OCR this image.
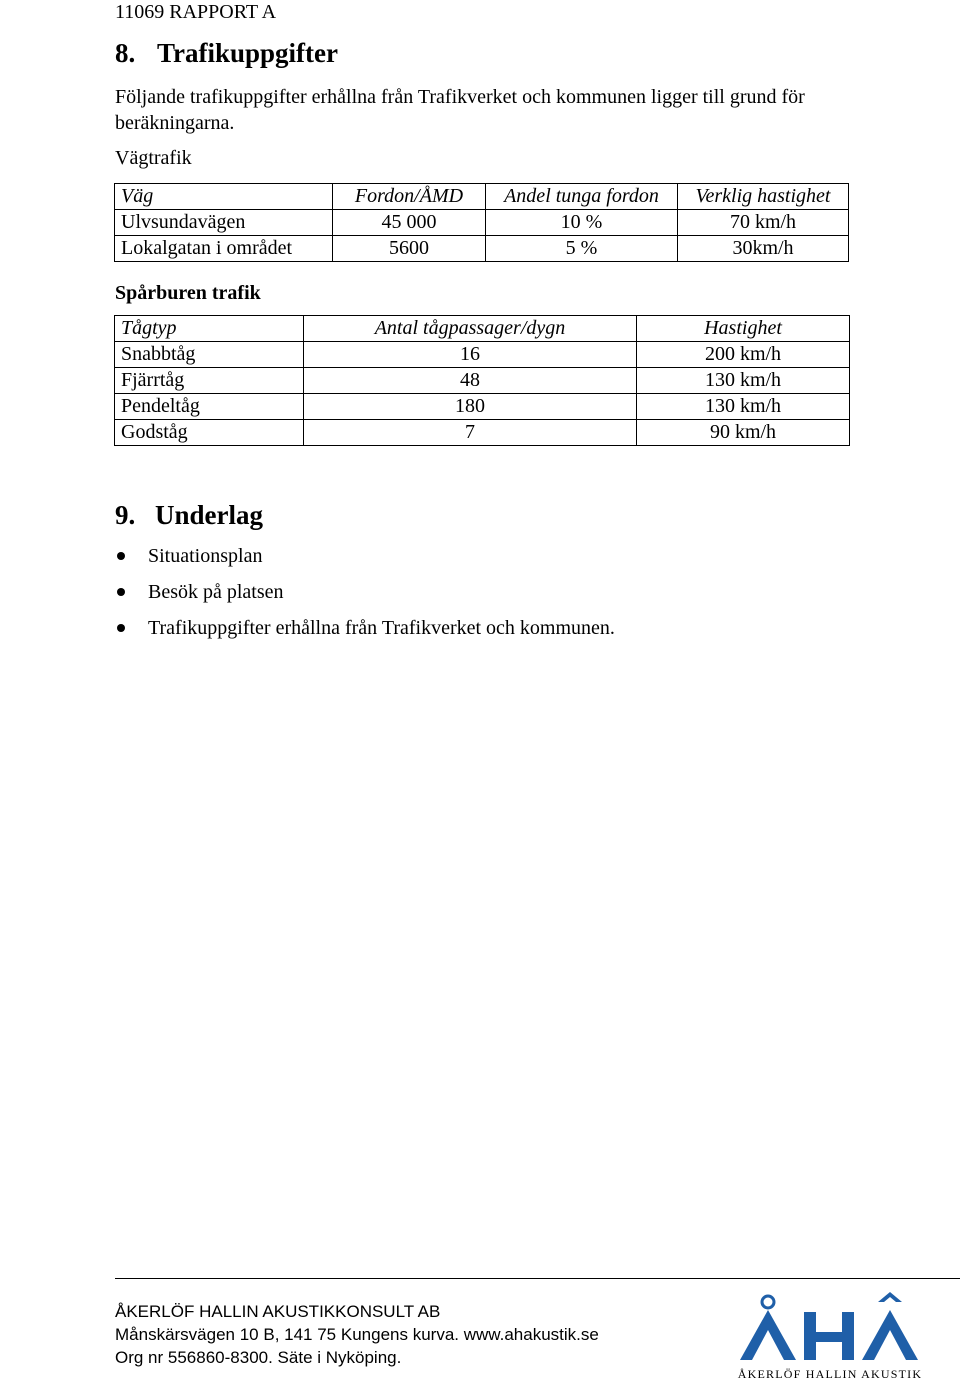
11069 RAPPORT A
8. Trafikuppgifter
Följande trafikuppgifter erhållna från Trafikverket och kommunen ligger till grund för beräkningarna.
Vägtrafik
Väg	Fordon/ÅMD	Andel tunga fordon	Verklig hastighet
Ulvsundavägen	45 000	10 %	70 km/h
Lokalgatan i området	5600	5 %	30km/h
Spårburen trafik
Tågtyp	Antal tågpassager/dygn	Hastighet
Snabbtåg	16	200 km/h
Fjärrtåg	48	130 km/h
Pendeltåg	180	130 km/h
Godståg	7	90 km/h
9. Underlag
Situationsplan
Besök på platsen
Trafikuppgifter erhållna från Trafikverket och kommunen.
ÅKERLÖF HALLIN AKUSTIKKONSULT AB
Månskärsvägen 10 B, 141 75 Kungens kurva. www.ahakustik.se
Org nr 556860-8300. Säte i Nyköping.
ÅKERLÖF HALLIN AKUSTIK
